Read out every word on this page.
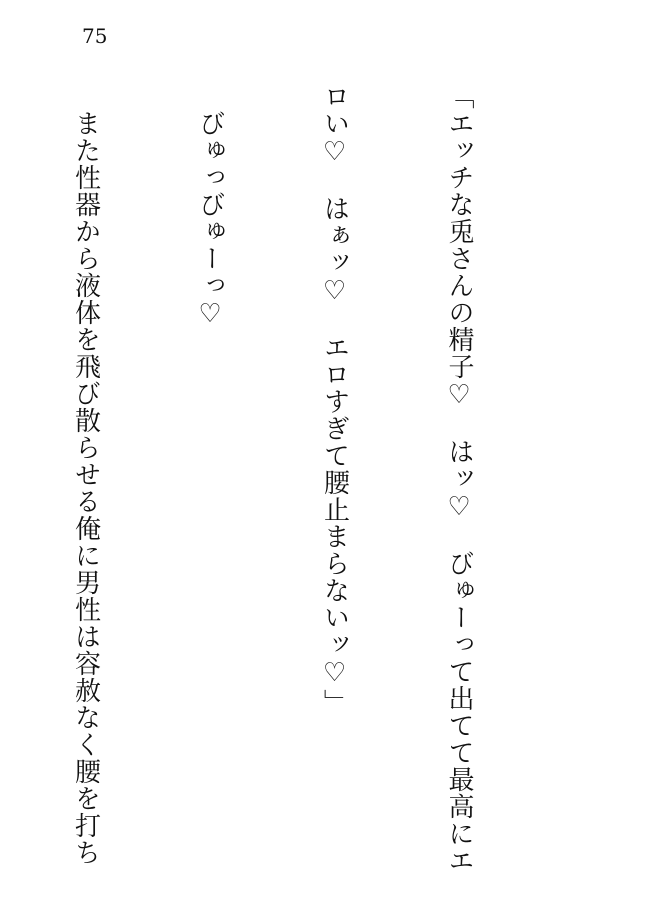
75

「エッチな兎さんの精子♡　はッ♡　びゅーって出てて最高にエ

ロい♡　はぁッ♡　エロすぎて腰止まらないッ♡」

　びゅっびゅーっ♡

　また性器から液体を飛び散らせる俺に男性は容赦なく腰を打ち
